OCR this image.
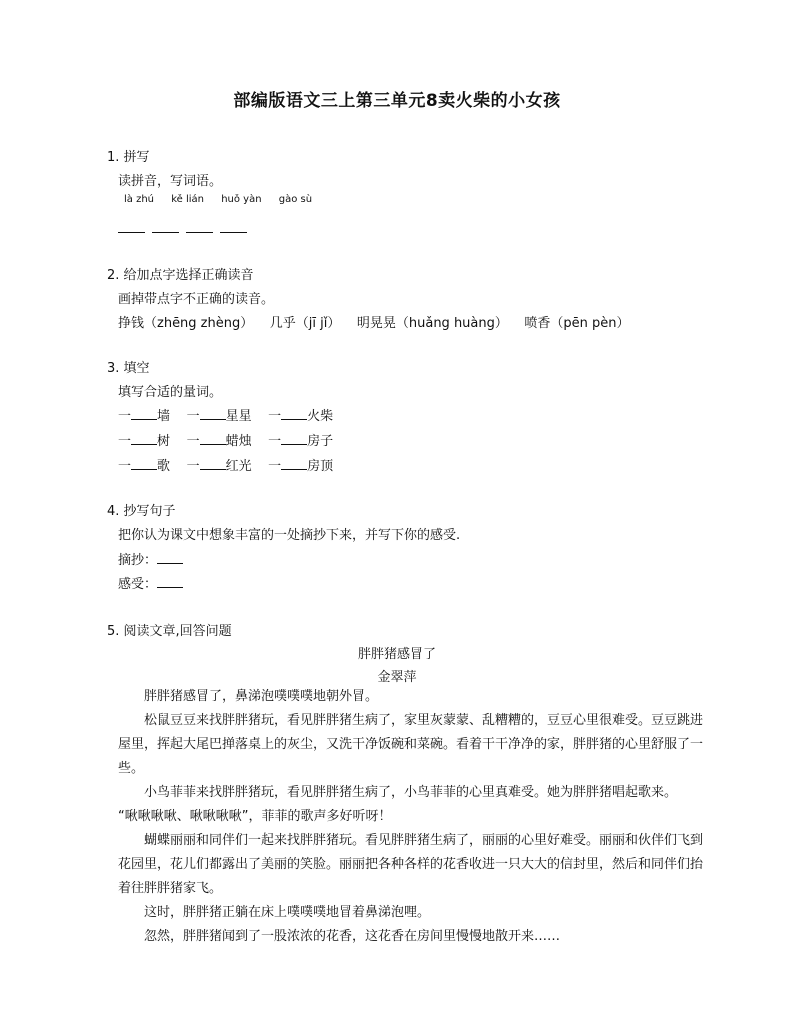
部编版语文三上第三单元8卖火柴的小女孩
1. 拼写
读拼音，写词语。
là zhú kě lián huǒ yàn gào sù
2. 给加点字选择正确读音
画掉带点字不正确的读音。
挣钱（zhēng zhèng）    几乎（jī jǐ）    明晃晃（huǎng huàng）    喷香（pēn pèn）
3. 填空
填写合适的量词。
一 墙 一 星星 一 火柴
一 树 一 蜡烛 一 房子
一 歌 一 红光 一 房顶
4. 抄写句子
把你认为课文中想象丰富的一处摘抄下来，并写下你的感受.
摘抄：
感受：
5. 阅读文章,回答问题
胖胖猪感冒了
金翠萍
胖胖猪感冒了，鼻涕泡噗噗噗地朝外冒。
松鼠豆豆来找胖胖猪玩，看见胖胖猪生病了，家里灰蒙蒙、乱糟糟的，豆豆心里很难受。豆豆跳进屋里，挥起大尾巴掸落桌上的灰尘，又洗干净饭碗和菜碗。看着干干净净的家，胖胖猪的心里舒服了一些。
小鸟菲菲来找胖胖猪玩，看见胖胖猪生病了，小鸟菲菲的心里真难受。她为胖胖猪唱起歌来。
“啾啾啾啾、啾啾啾啾”，菲菲的歌声多好听呀！
蝴蝶丽丽和同伴们一起来找胖胖猪玩。看见胖胖猪生病了，丽丽的心里好难受。丽丽和伙伴们飞到花园里，花儿们都露出了美丽的笑脸。丽丽把各种各样的花香收进一只大大的信封里，然后和同伴们抬着往胖胖猪家飞。
这时，胖胖猪正躺在床上噗噗噗地冒着鼻涕泡哩。
忽然，胖胖猪闻到了一股浓浓的花香，这花香在房间里慢慢地散开来……
